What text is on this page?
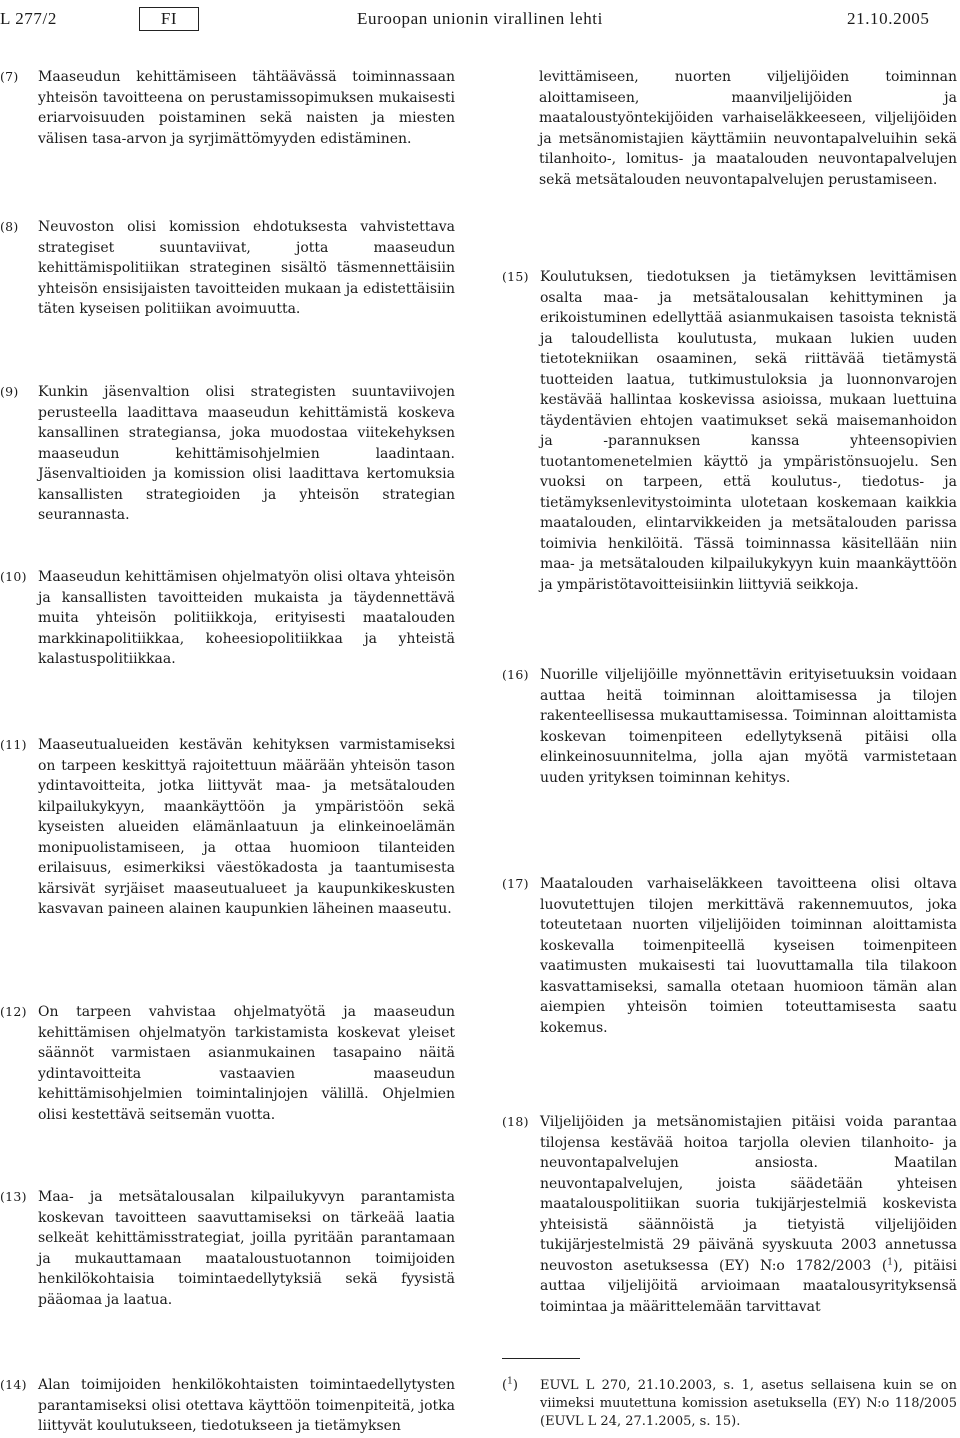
L 277/2	FI	Euroopan unionin virallinen lehti	21.10.2005
(7)	Maaseudun kehittämiseen tähtäävässä toiminnassaan yhteisön tavoitteena on perustamissopimuksen mukaisesti eriarvoisuuden poistaminen sekä naisten ja miesten välisen tasa-arvon ja syrjimättömyyden edistäminen.
(8)	Neuvoston olisi komission ehdotuksesta vahvistettava strategiset suuntaviivat, jotta maaseudun kehittämispolitiikan strateginen sisältö täsmennettäisiin yhteisön ensisijaisten tavoitteiden mukaan ja edistettäisiin täten kyseisen politiikan avoimuutta.
(9)	Kunkin jäsenvaltion olisi strategisten suuntaviivojen perusteella laadittava maaseudun kehittämistä koskeva kansallinen strategiansa, joka muodostaa viitekehyksen maaseudun kehittämisohjelmien laadintaan. Jäsenvaltioiden ja komission olisi laadittava kertomuksia kansallisten strategioiden ja yhteisön strategian seurannasta.
(10) Maaseudun kehittämisen ohjelmatyön olisi oltava yhteisön ja kansallisten tavoitteiden mukaista ja täydennettävä muita yhteisön politiikkoja, erityisesti maatalouden markkinapolitiikkaa, koheesiopolitiikkaa ja yhteistä kalastuspolitiikkaa.
(11) Maaseutualueiden kestävän kehityksen varmistamiseksi on tarpeen keskittyä rajoitettuun määrään yhteisön tason ydintavoitteita, jotka liittyvät maa- ja metsätalouden kilpailukykyyn, maankäyttöön ja ympäristöön sekä kyseisten alueiden elämänlaatuun ja elinkeinoelämän monipuolistamiseen, ja ottaa huomioon tilanteiden erilaisuus, esimerkiksi väestökadosta ja taantumisesta kärsivät syrjäiset maaseutualueet ja kaupunkikeskusten kasvavan paineen alainen kaupunkien läheinen maaseutu.
(12) On tarpeen vahvistaa ohjelmatyötä ja maaseudun kehittämisen ohjelmatyön tarkistamista koskevat yleiset säännöt varmistaen asianmukainen tasapaino näitä ydintavoitteita vastaavien maaseudun kehittämisohjelmien toimintalinjojen välillä. Ohjelmien olisi kestettävä seitsemän vuotta.
(13) Maa- ja metsätalousalan kilpailukyvyn parantamista koskevan tavoitteen saavuttamiseksi on tärkeää laatia selkeät kehittämisstrategiat, joilla pyritään parantamaan ja mukauttamaan maataloustuotannon toimijoiden henkilökohtaisia toimintaedellytyksiä sekä fyysistä pääomaa ja laatua.
(14) Alan toimijoiden henkilökohtaisten toimintaedellytysten parantamiseksi olisi otettava käyttöön toimenpiteitä, jotka liittyvät koulutukseen, tiedotukseen ja tietämyksen
levittämiseen, nuorten viljelijöiden toiminnan aloittamiseen, maanviljelijöiden ja maataloustyöntekijöiden varhaiseläkkeeseen, viljelijöiden ja metsänomistajien käyttämiin neuvontapalveluihin sekä tilanhoito-, lomitus- ja maatalouden neuvontapalvelujen sekä metsätalouden neuvontapalvelujen perustamiseen.
(15) Koulutuksen, tiedotuksen ja tietämyksen levittämisen osalta maa- ja metsätalousalan kehittyminen ja erikoistuminen edellyttää asianmukaisen tasoista teknistä ja taloudellista koulutusta, mukaan lukien uuden tietotekniikan osaaminen, sekä riittävää tietämystä tuotteiden laatua, tutkimustuloksia ja luonnonvarojen kestävää hallintaa koskevissa asioissa, mukaan luettuina täydentävien ehtojen vaatimukset sekä maisemanhoidon ja -parannuksen kanssa yhteensopivien tuotantomenetelmien käyttö ja ympäristönsuojelu. Sen vuoksi on tarpeen, että koulutus-, tiedotus- ja tietämyksenlevitystoiminta ulotetaan koskemaan kaikkia maatalouden, elintarvikkeiden ja metsätalouden parissa toimivia henkilöitä. Tässä toiminnassa käsitellään niin maa- ja metsätalouden kilpailukykyyn kuin maankäyttöön ja ympäristötavoitteisiinkin liittyviä seikkoja.
(16) Nuorille viljelijöille myönnettävin erityisetuuksin voidaan auttaa heitä toiminnan aloittamisessa ja tilojen rakenteellisessa mukauttamisessa. Toiminnan aloittamista koskevan toimenpiteen edellytyksenä pitäisi olla elinkeinosuunnitelma, jolla ajan myötä varmistetaan uuden yrityksen toiminnan kehitys.
(17) Maatalouden varhaiseläkkeen tavoitteena olisi oltava luovutettujen tilojen merkittävä rakennemuutos, joka toteutetaan nuorten viljelijöiden toiminnan aloittamista koskevalla toimenpiteellä kyseisen toimenpiteen vaatimusten mukaisesti tai luovuttamalla tila tilakoon kasvattamiseksi, samalla otetaan huomioon tämän alan aiempien yhteisön toimien toteuttamisesta saatu kokemus.
(18) Viljelijöiden ja metsänomistajien pitäisi voida parantaa tilojensa kestävää hoitoa tarjolla olevien tilanhoito- ja neuvontapalvelujen ansiosta. Maatilan neuvontapalvelujen, joista säädetään yhteisen maatalouspolitiikan suoria tukijärjestelmiä koskevista yhteisistä säännöistä ja tietyistä viljelijöiden tukijärjestelmistä 29 päivänä syyskuuta 2003 annetussa neuvoston asetuksessa (EY) N:o 1782/2003 ($^1$), pitäisi auttaa viljelijöitä arvioimaan maatalousyrityksensä toimintaa ja määrittelemään tarvittavat
($^1$) EUVL L 270, 21.10.2003, s. 1, asetus sellaisena kuin se on viimeksi muutettuna komission asetuksella (EY) N:o 118/2005 (EUVL L 24, 27.1.2005, s. 15).
